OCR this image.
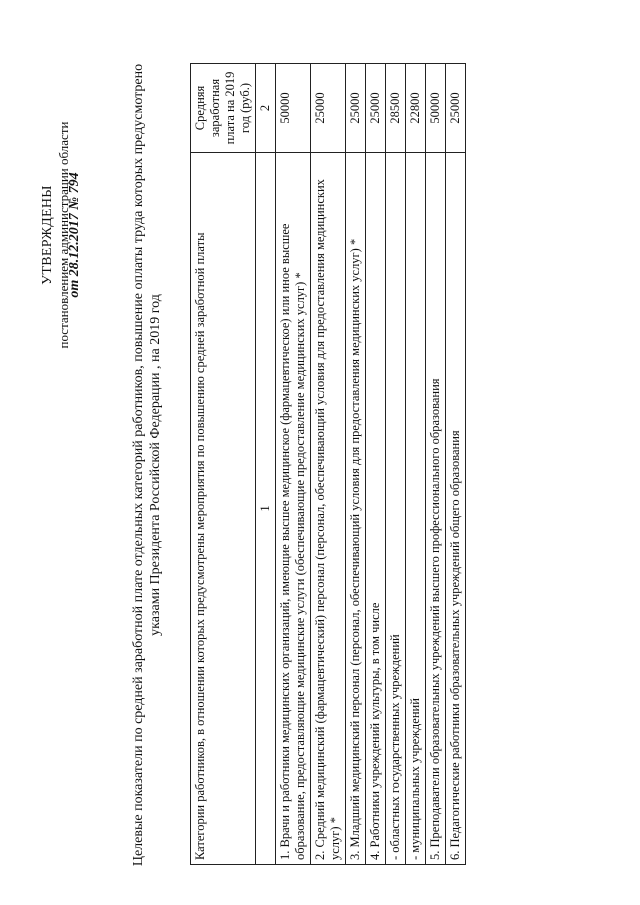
УТВЕРЖДЕНЫ постановлением администрации области
от 28.12.2017 № 794	Целевые показатели по средней заработной плате отдельных категорий работников, повышение оплаты труда которых предусмотрено указами Президента Российской Федерации , на 2019 год Категории работников, в отношении которых предусмотрены мероприятия по повышению средней заработной платы	Средняя заработная плата на 2019 год (руб.)
1	2
1. Врачи и работники медицинских организаций, имеющие высшее медицинское (фармацевтическое) или иное высшее образование, предоставляющие медицинские услуги (обеспечивающие предоставление медицинских услуг) *	50000
2. Средний медицинский (фармацевтический) персонал (персонал, обеспечивающий условия для предоставления медицинских услуг) *	25000
3. Младший медицинский персонал (персонал, обеспечивающий условия для предоставления медицинских услуг) *	25000
4. Работники учреждений культуры, в том числе	25000
- областных государственных учреждений	28500
- муниципальных учреждений	22800
5. Преподаватели образовательных учреждений высшего профессионального образования	50000
6. Педагогические работники образовательных учреждений общего образования	25000
